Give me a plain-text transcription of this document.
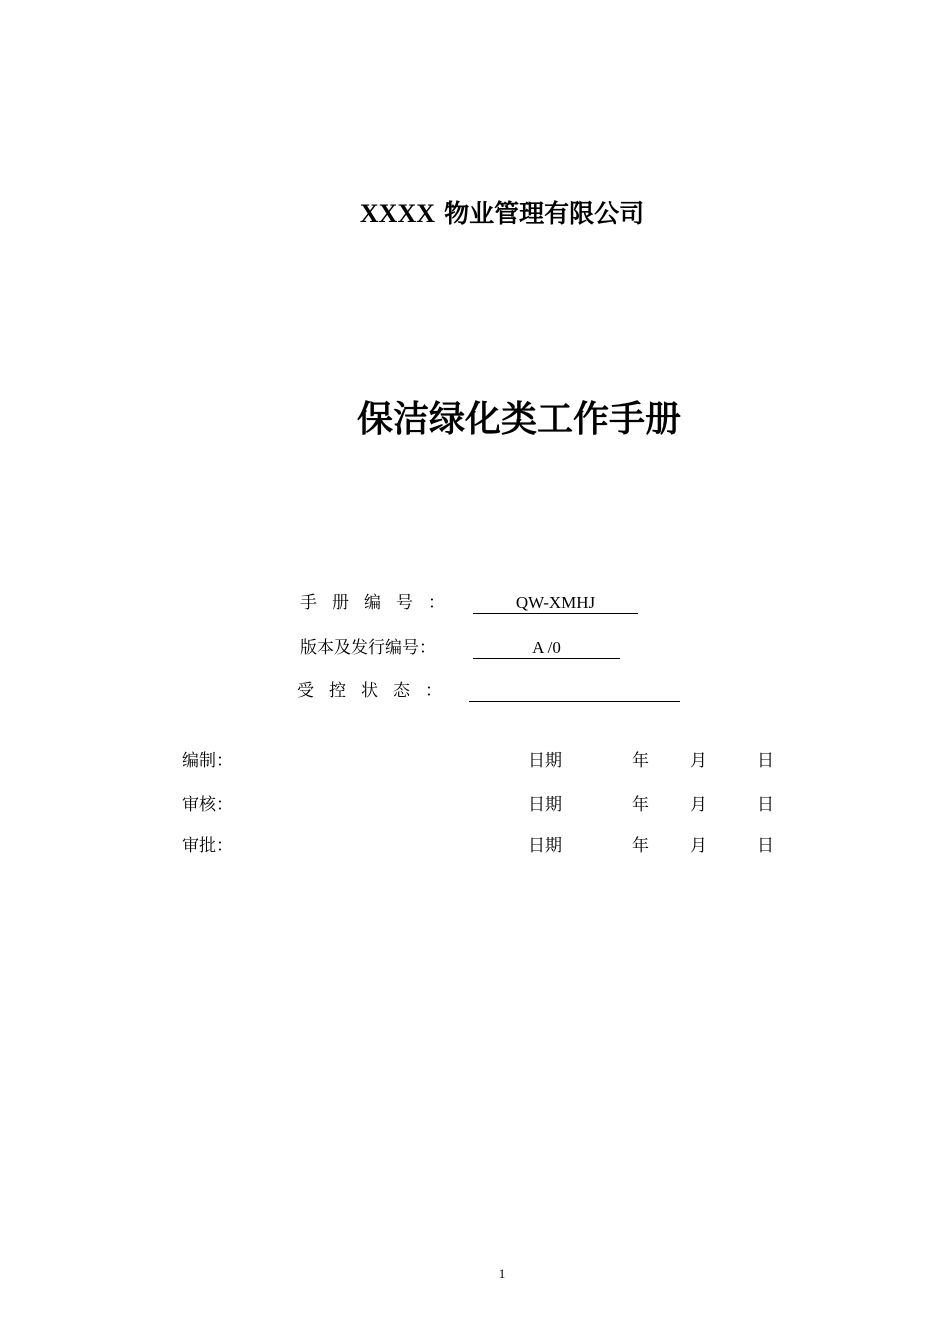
XXXX 物业管理有限公司
保洁绿化类工作手册
手册编号：	QW-XMHJ
版本及发行编号：	A /0
受控状态：
编制：	日期	年 月	日
审核：	日期	年 月	日
审批：	日期	年 月	日
1
